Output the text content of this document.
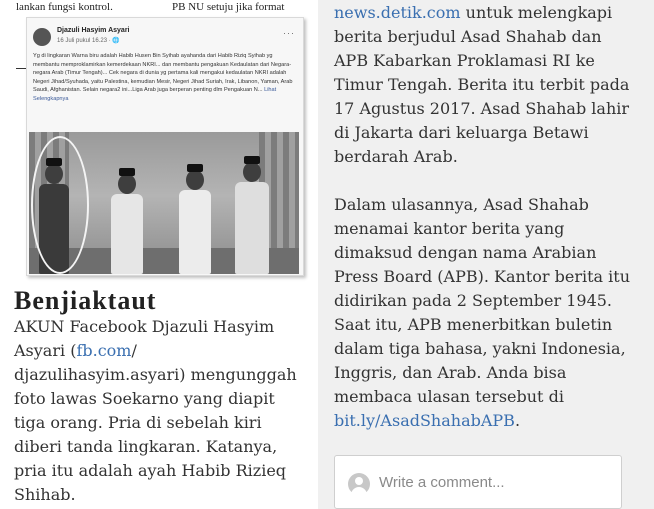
lankan fungsi kontrol.	PB NU setuju jika format
Benjiaktaut
Djazuli Hasyim Asyari
16 Juli pukul 16.23 · 🌐
···
Yg di lingkaran Warna biru adalah Habib Husen Bin Syihab ayahanda dari Habib Riziq Syihab yg membantu memproklamirkan kemerdekaan NKRI... dan membantu pengakuan Kedaulatan dari Negara-negara Arab (Timur Tengah)... Cek negara di dunia yg pertama kali mengakui kedaulatan NKRI adalah Negeri Jihad/Syuhada, yaitu Palestina, kemudian Mesir, Negeri Jihad Suriah, Irak, Libanon, Yaman, Arab Saudi, Afghanistan. Selain negara2 ini...Liga Arab juga berperan penting dlm Pengakuan N... Lihat Selengkapnya
AKUN Facebook Djazuli Hasyim Asyari (fb.com/ djazulihasyim.asyari) mengunggah foto lawas Soekarno yang diapit tiga orang. Pria di sebelah kiri diberi tanda lingkaran. Katanya, pria itu adalah ayah Habib Rizieq Shihab.

news.detik.com untuk melengkapi berita berjudul Asad Shahab dan APB Kabarkan Proklamasi RI ke Timur Tengah. Berita itu terbit pada 17 Agustus 2017. Asad Shahab lahir di Jakarta dari keluarga Betawi berdarah Arab.

Dalam ulasannya, Asad Shahab menamai kantor berita yang dimaksud dengan nama Arabian Press Board (APB). Kantor berita itu didirikan pada 2 September 1945. Saat itu, APB menerbitkan buletin dalam tiga bahasa, yakni Indonesia, Inggris, dan Arab. Anda bisa membaca ulasan tersebut di bit.ly/AsadShahabAPB.

Write a comment...
